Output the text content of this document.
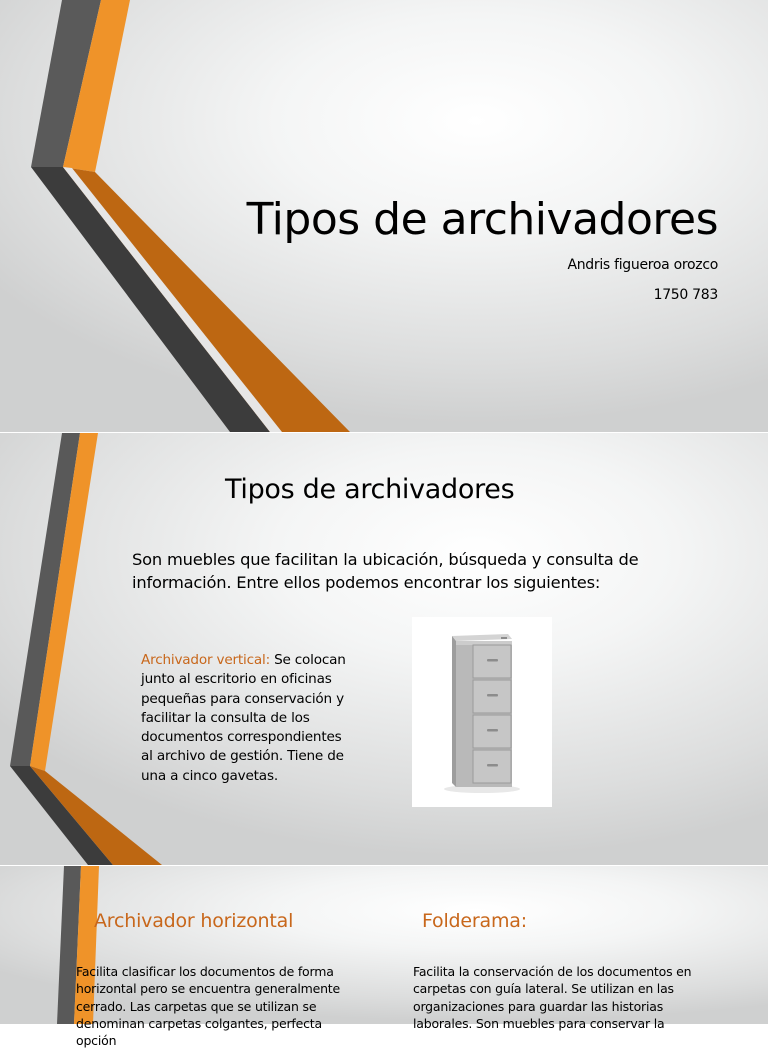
Tipos de archivadores
Andris figueroa orozco
1750 783
Tipos de archivadores
Son muebles que facilitan la ubicación, búsqueda y consulta de información. Entre ellos podemos encontrar los siguientes:
Archivador vertical: Se colocan junto al escritorio en oficinas pequeñas para conservación y facilitar la consulta de los documentos correspondientes al archivo de gestión. Tiene de una a cinco gavetas.
Archivador horizontal	Folderama:
Facilita clasificar los documentos de forma horizontal pero se encuentra generalmente cerrado. Las carpetas que se utilizan se denominan carpetas colgantes, perfecta opción
Facilita la conservación de los documentos en carpetas con guía lateral. Se utilizan en las organizaciones para guardar las historias laborales. Son muebles para conservar la
